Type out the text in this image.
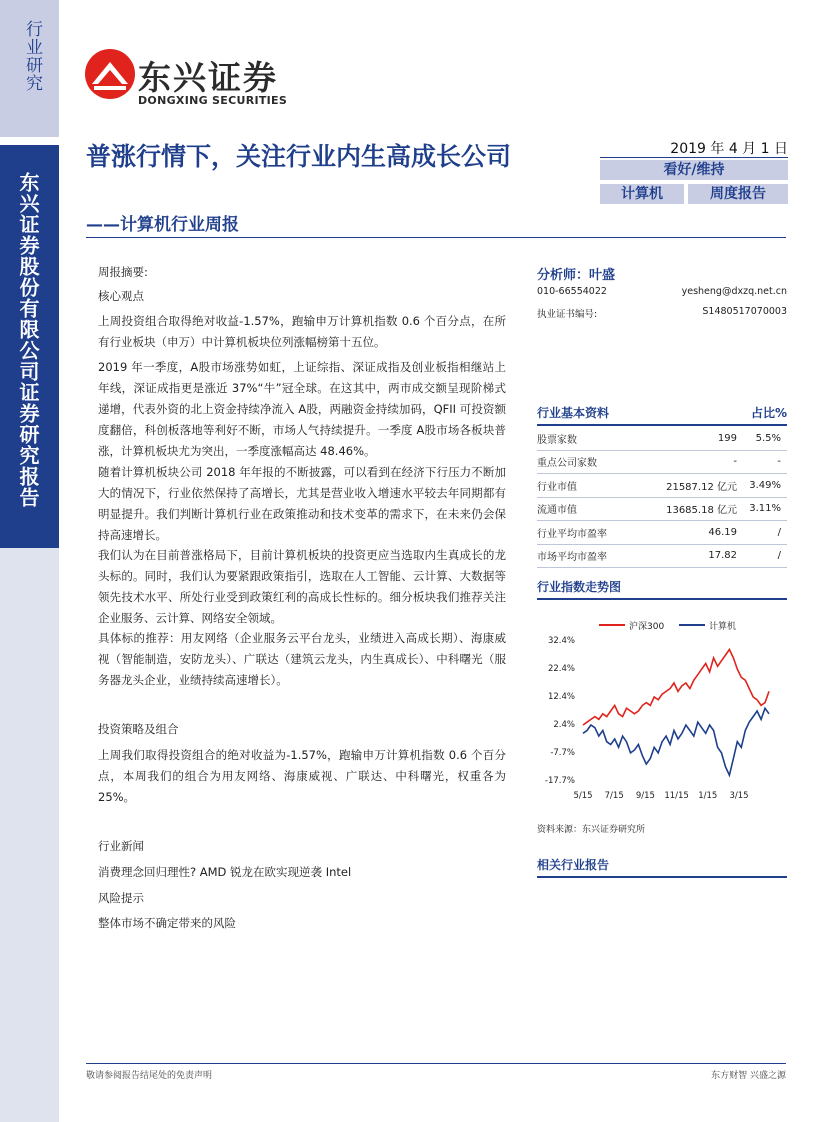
行业研究
东兴证券股份有限公司证券研究报告
东兴证券
DONGXING SECURITIES
普涨行情下，关注行业内生高成长公司
——计算机行业周报
2019 年 4 月 1 日
看好/维持
计算机	周度报告
周报摘要:
核心观点
上周投资组合取得绝对收益-1.57%，跑输申万计算机指数 0.6 个百分点，在所有行业板块（申万）中计算机板块位列涨幅榜第十五位。
2019 年一季度，A股市场涨势如虹，上证综指、深证成指及创业板指相继站上年线，深证成指更是涨近 37%“牛”冠全球。在这其中，两市成交额呈现阶梯式递增，代表外资的北上资金持续净流入 A股，两融资金持续加码，QFII 可投资额度翻倍，科创板落地等利好不断，市场人气持续提升。一季度 A股市场各板块普涨，计算机板块尤为突出，一季度涨幅高达 48.46%。
随着计算机板块公司 2018 年年报的不断披露，可以看到在经济下行压力不断加大的情况下，行业依然保持了高增长，尤其是营业收入增速水平较去年同期都有明显提升。我们判断计算机行业在政策推动和技术变革的需求下，在未来仍会保持高速增长。
我们认为在目前普涨格局下，目前计算机板块的投资更应当选取内生真成长的龙头标的。同时，我们认为要紧跟政策指引，选取在人工智能、云计算、大数据等领先技术水平、所处行业受到政策红利的高成长性标的。细分板块我们推荐关注企业服务、云计算、网络安全领域。
具体标的推荐：用友网络（企业服务云平台龙头，业绩进入高成长期）、海康威视（智能制造，安防龙头）、广联达（建筑云龙头，内生真成长）、中科曙光（服务器龙头企业，业绩持续高速增长）。
投资策略及组合
上周我们取得投资组合的绝对收益为-1.57%，跑输申万计算机指数 0.6 个百分点，本周我们的组合为用友网络、海康威视、广联达、中科曙光，权重各为 25%。
行业新闻
消费理念回归理性? AMD 锐龙在欧实现逆袭 Intel
风险提示
整体市场不确定带来的风险
分析师：叶盛
010-66554022	yesheng@dxzq.net.cn
执业证书编号:	S1480517070003
行业基本资料	占比%
股票家数	199	5.5%
重点公司家数	-	-
行业市值	21587.12 亿元	3.49%
流通市值	13685.18 亿元	3.11%
行业平均市盈率	46.19	/
市场平均市盈率	17.82	/
行业指数走势图
沪深300	计算机
32.4%
22.4%
12.4%
2.4%
-7.7%
-17.7%
5/15 7/15 9/15 11/15 1/15 3/15
资料来源：东兴证券研究所
相关行业报告
敬请参阅报告结尾处的免责声明	东方财智 兴盛之源
